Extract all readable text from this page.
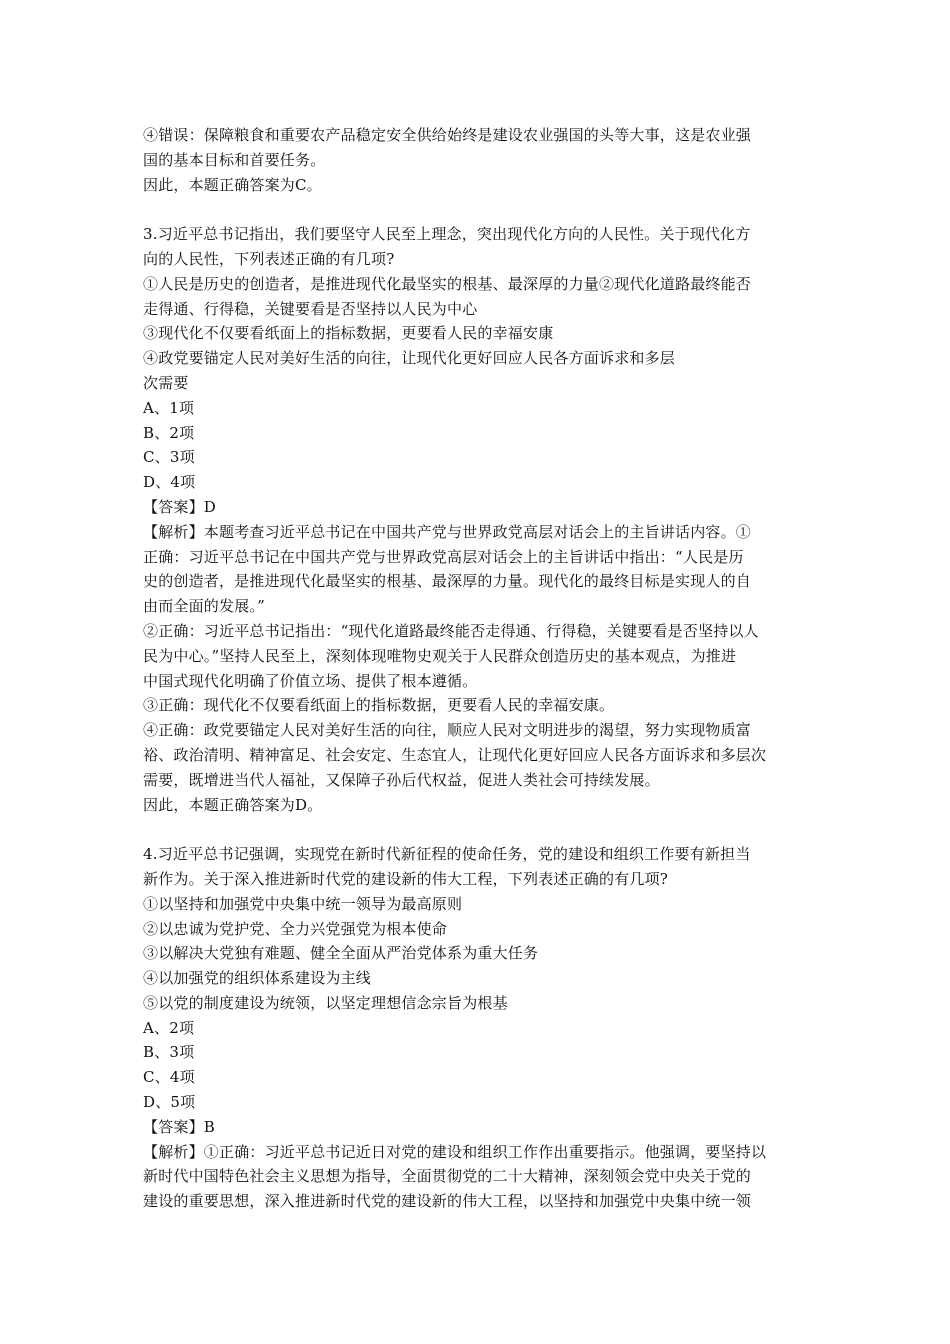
④错误：保障粮食和重要农产品稳定安全供给始终是建设农业强国的头等大事，这是农业强
国的基本目标和首要任务。
因此，本题正确答案为C。
3.习近平总书记指出，我们要坚守人民至上理念，突出现代化方向的人民性。关于现代化方
向的人民性，下列表述正确的有几项?
①人民是历史的创造者，是推进现代化最坚实的根基、最深厚的力量②现代化道路最终能否
走得通、行得稳，关键要看是否坚持以人民为中心
③现代化不仅要看纸面上的指标数据，更要看人民的幸福安康
④政党要锚定人民对美好生活的向往，让现代化更好回应人民各方面诉求和多层
次需要
A、1项
B、2项
C、3项
D、4项
【答案】D
【解析】本题考查习近平总书记在中国共产党与世界政党高层对话会上的主旨讲话内容。①
正确：习近平总书记在中国共产党与世界政党高层对话会上的主旨讲话中指出：“人民是历
史的创造者，是推进现代化最坚实的根基、最深厚的力量。现代化的最终目标是实现人的自
由而全面的发展。”
②正确：习近平总书记指出：“现代化道路最终能否走得通、行得稳，关键要看是否坚持以人
民为中心。”坚持人民至上，深刻体现唯物史观关于人民群众创造历史的基本观点，为推进
中国式现代化明确了价值立场、提供了根本遵循。
③正确：现代化不仅要看纸面上的指标数据，更要看人民的幸福安康。
④正确：政党要锚定人民对美好生活的向往，顺应人民对文明进步的渴望，努力实现物质富
裕、政治清明、精神富足、社会安定、生态宜人，让现代化更好回应人民各方面诉求和多层次
需要，既增进当代人福祉，又保障子孙后代权益，促进人类社会可持续发展。
因此，本题正确答案为D。
4.习近平总书记强调，实现党在新时代新征程的使命任务，党的建设和组织工作要有新担当
新作为。关于深入推进新时代党的建设新的伟大工程，下列表述正确的有几项?
①以坚持和加强党中央集中统一领导为最高原则
②以忠诚为党护党、全力兴党强党为根本使命
③以解决大党独有难题、健全全面从严治党体系为重大任务
④以加强党的组织体系建设为主线
⑤以党的制度建设为统领，以坚定理想信念宗旨为根基
A、2项
B、3项
C、4项
D、5项
【答案】B
【解析】①正确：习近平总书记近日对党的建设和组织工作作出重要指示。他强调，要坚持以
新时代中国特色社会主义思想为指导，全面贯彻党的二十大精神，深刻领会党中央关于党的
建设的重要思想，深入推进新时代党的建设新的伟大工程，以坚持和加强党中央集中统一领
